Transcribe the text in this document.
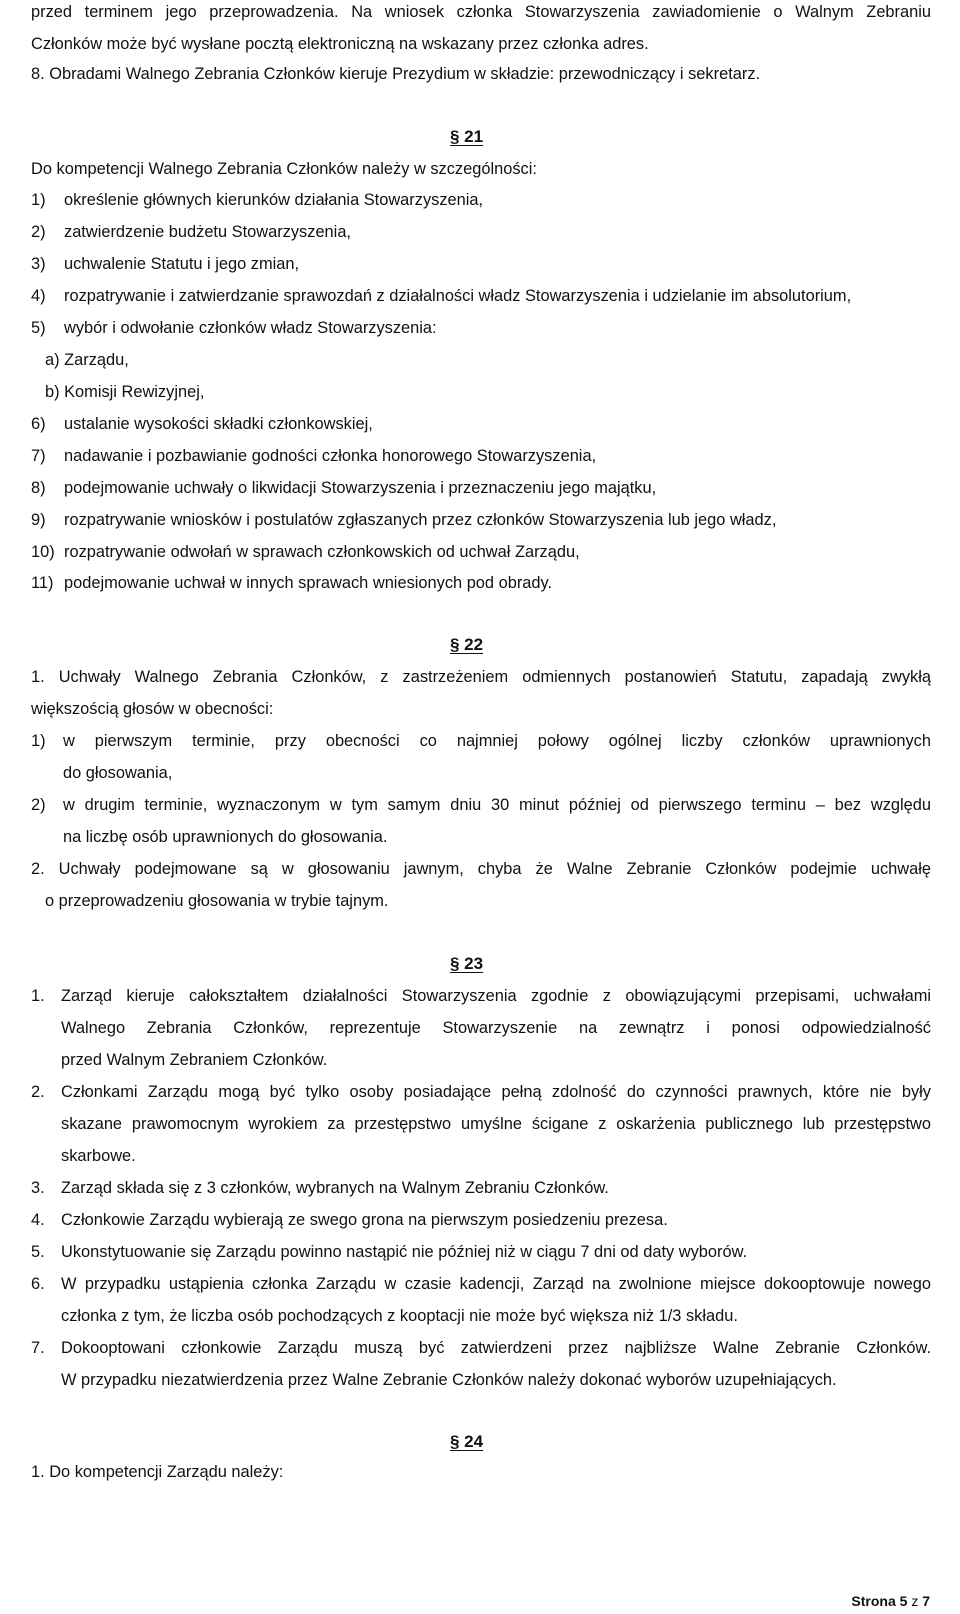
przed terminem jego przeprowadzenia. Na wniosek członka Stowarzyszenia zawiadomienie o Walnym Zebraniu
Członków może być wysłane pocztą elektroniczną na wskazany przez członka adres.
8. Obradami Walnego Zebrania Członków kieruje Prezydium w składzie: przewodniczący i sekretarz.
§ 21
Do kompetencji Walnego Zebrania Członków należy w szczególności:
1) określenie głównych kierunków działania Stowarzyszenia,
2) zatwierdzenie budżetu Stowarzyszenia,
3) uchwalenie Statutu i jego zmian,
4) rozpatrywanie i zatwierdzanie sprawozdań z działalności władz Stowarzyszenia i udzielanie im absolutorium,
5) wybór i odwołanie członków władz Stowarzyszenia:
a) Zarządu,
b) Komisji Rewizyjnej,
6) ustalanie wysokości składki członkowskiej,
7) nadawanie i pozbawianie godności członka honorowego Stowarzyszenia,
8) podejmowanie uchwały o likwidacji Stowarzyszenia i przeznaczeniu jego majątku,
9) rozpatrywanie wniosków i postulatów zgłaszanych przez członków Stowarzyszenia lub jego władz,
10) rozpatrywanie odwołań w sprawach członkowskich od uchwał Zarządu,
11) podejmowanie uchwał w innych sprawach wniesionych pod obrady.
§ 22
1. Uchwały Walnego Zebrania Członków, z zastrzeżeniem odmiennych postanowień Statutu, zapadają zwykłą
większością głosów w obecności:
1)	w pierwszym terminie, przy obecności co najmniej połowy ogólnej liczby członków uprawnionych
do głosowania,
2)	w drugim terminie, wyznaczonym w tym samym dniu 30 minut później od pierwszego terminu – bez względu
na liczbę osób uprawnionych do głosowania.
2. Uchwały podejmowane są w głosowaniu jawnym, chyba że Walne Zebranie Członków podejmie uchwałę
o przeprowadzeniu głosowania w trybie tajnym.
§ 23
1. Zarząd kieruje całokształtem działalności Stowarzyszenia zgodnie z obowiązującymi przepisami, uchwałami
Walnego Zebrania Członków, reprezentuje Stowarzyszenie na zewnątrz i ponosi odpowiedzialność
przed Walnym Zebraniem Członków.
2. Członkami Zarządu mogą być tylko osoby posiadające pełną zdolność do czynności prawnych, które nie były
skazane prawomocnym wyrokiem za przestępstwo umyślne ścigane z oskarżenia publicznego lub przestępstwo
skarbowe.
3. Zarząd składa się z 3 członków, wybranych na Walnym Zebraniu Członków.
4. Członkowie Zarządu wybierają ze swego grona na pierwszym posiedzeniu prezesa.
5. Ukonstytuowanie się Zarządu powinno nastąpić nie później niż w ciągu 7 dni od daty wyborów.
6. W przypadku ustąpienia członka Zarządu w czasie kadencji, Zarząd na zwolnione miejsce dokooptowuje nowego
członka z tym, że liczba osób pochodzących z kooptacji nie może być większa niż 1/3 składu.
7. Dokooptowani członkowie Zarządu muszą być zatwierdzeni przez najbliższe Walne Zebranie Członków.
W przypadku niezatwierdzenia przez Walne Zebranie Członków należy dokonać wyborów uzupełniających.
§ 24
1. Do kompetencji Zarządu należy:
Strona 5 z 7
